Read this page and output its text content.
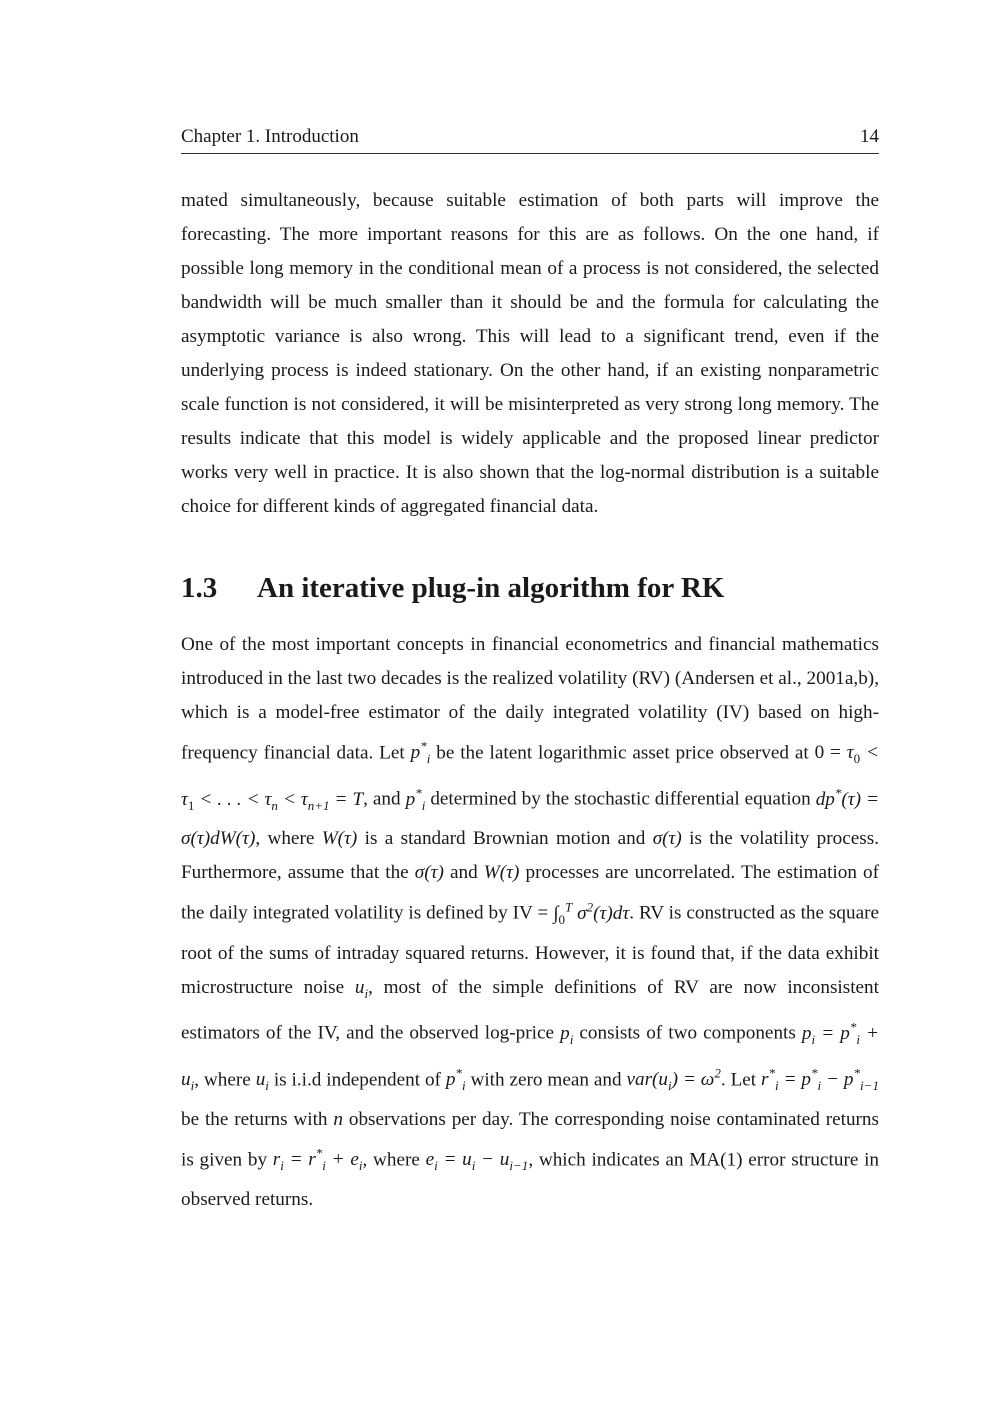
Chapter 1. Introduction	14

mated simultaneously, because suitable estimation of both parts will improve the forecasting. The more important reasons for this are as follows. On the one hand, if possible long memory in the conditional mean of a process is not considered, the selected bandwidth will be much smaller than it should be and the formula for calculating the asymptotic variance is also wrong. This will lead to a significant trend, even if the underlying process is indeed stationary. On the other hand, if an existing nonparametric scale function is not considered, it will be misinterpreted as very strong long memory. The results indicate that this model is widely applicable and the proposed linear predictor works very well in practice. It is also shown that the log-normal distribution is a suitable choice for different kinds of aggregated financial data.

1.3	An iterative plug-in algorithm for RK

One of the most important concepts in financial econometrics and financial mathematics introduced in the last two decades is the realized volatility (RV) (Andersen et al., 2001a,b), which is a model-free estimator of the daily integrated volatility (IV) based on high-frequency financial data. Let $p^*_i$ be the latent logarithmic asset price observed at $0 = \tau_0 < \tau_1$ < . . . < $\tau_n < \tau_{n+1} = T$, and $p^*_i$ determined by the stochastic differential equation dp*(τ) = σ(τ)dW(τ), where W(τ) is a standard Brownian motion and σ(τ) is the volatility process. Furthermore, assume that the σ(τ) and W(τ) processes are uncorrelated. The estimation of the daily integrated volatility is defined by IV = $\int_0^T$ $\sigma^2(\tau)d\tau$. RV is constructed as the square root of the sums of intraday squared returns. However, it is found that, if the data exhibit microstructure noise $u_i$, most of the simple definitions of RV are now inconsistent estimators of the IV, and the observed log-price $p_i$ consists of two components $p_i = p^*_i + u_i$, where $u_i$ is i.i.d independent of $p^*_i$ with zero mean and $var(u_i) = \omega^2$. Let $r^*_i = p^*_i - p^*_{i-1}$ be the returns with n observations per day. The corresponding noise contaminated returns is given by $r_i = r^*_i + e_i$, where $e_i = u_i - u_{i-1}$, which indicates an MA(1) error structure in observed returns.
